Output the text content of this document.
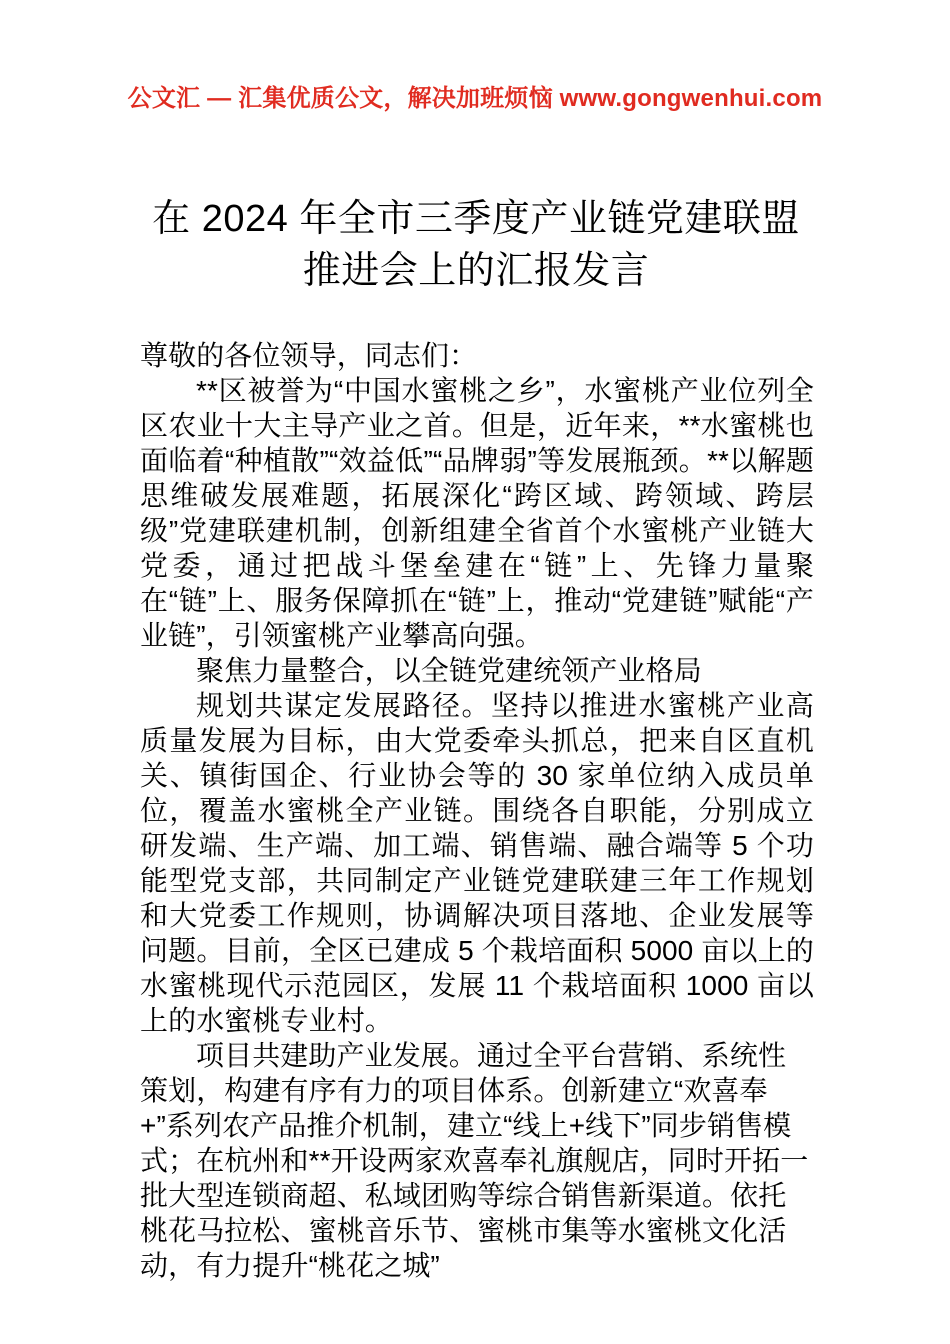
公文汇 — 汇集优质公文，解决加班烦恼 www.gongwenhui.com
在 2024 年全市三季度产业链党建联盟推进会上的汇报发言

尊敬的各位领导，同志们：

**区被誉为“中国水蜜桃之乡”，水蜜桃产业位列全区农业十大主导产业之首。但是，近年来，**水蜜桃也面临着“种植散”“效益低”“品牌弱”等发展瓶颈。**以解题思维破发展难题，拓展深化“跨区域、跨领域、跨层级”党建联建机制，创新组建全省首个水蜜桃产业链大党委，通过把战斗堡垒建在“链”上、先锋力量聚在“链”上、服务保障抓在“链”上，推动“党建链”赋能“产业链”，引领蜜桃产业攀高向强。

聚焦力量整合，以全链党建统领产业格局

规划共谋定发展路径。坚持以推进水蜜桃产业高质量发展为目标，由大党委牵头抓总，把来自区直机关、镇街国企、行业协会等的 30 家单位纳入成员单位，覆盖水蜜桃全产业链。围绕各自职能，分别成立研发端、生产端、加工端、销售端、融合端等 5 个功能型党支部，共同制定产业链党建联建三年工作规划和大党委工作规则，协调解决项目落地、企业发展等问题。目前，全区已建成 5 个栽培面积 5000 亩以上的水蜜桃现代示范园区，发展 11 个栽培面积 1000 亩以上的水蜜桃专业村。

项目共建助产业发展。通过全平台营销、系统性策划，构建有序有力的项目体系。创新建立“欢喜奉+”系列农产品推介机制，建立“线上+线下”同步销售模式；在杭州和**开设两家欢喜奉礼旗舰店，同时开拓一批大型连锁商超、私域团购等综合销售新渠道。依托桃花马拉松、蜜桃音乐节、蜜桃市集等水蜜桃文化活动，有力提升“桃花之城”
